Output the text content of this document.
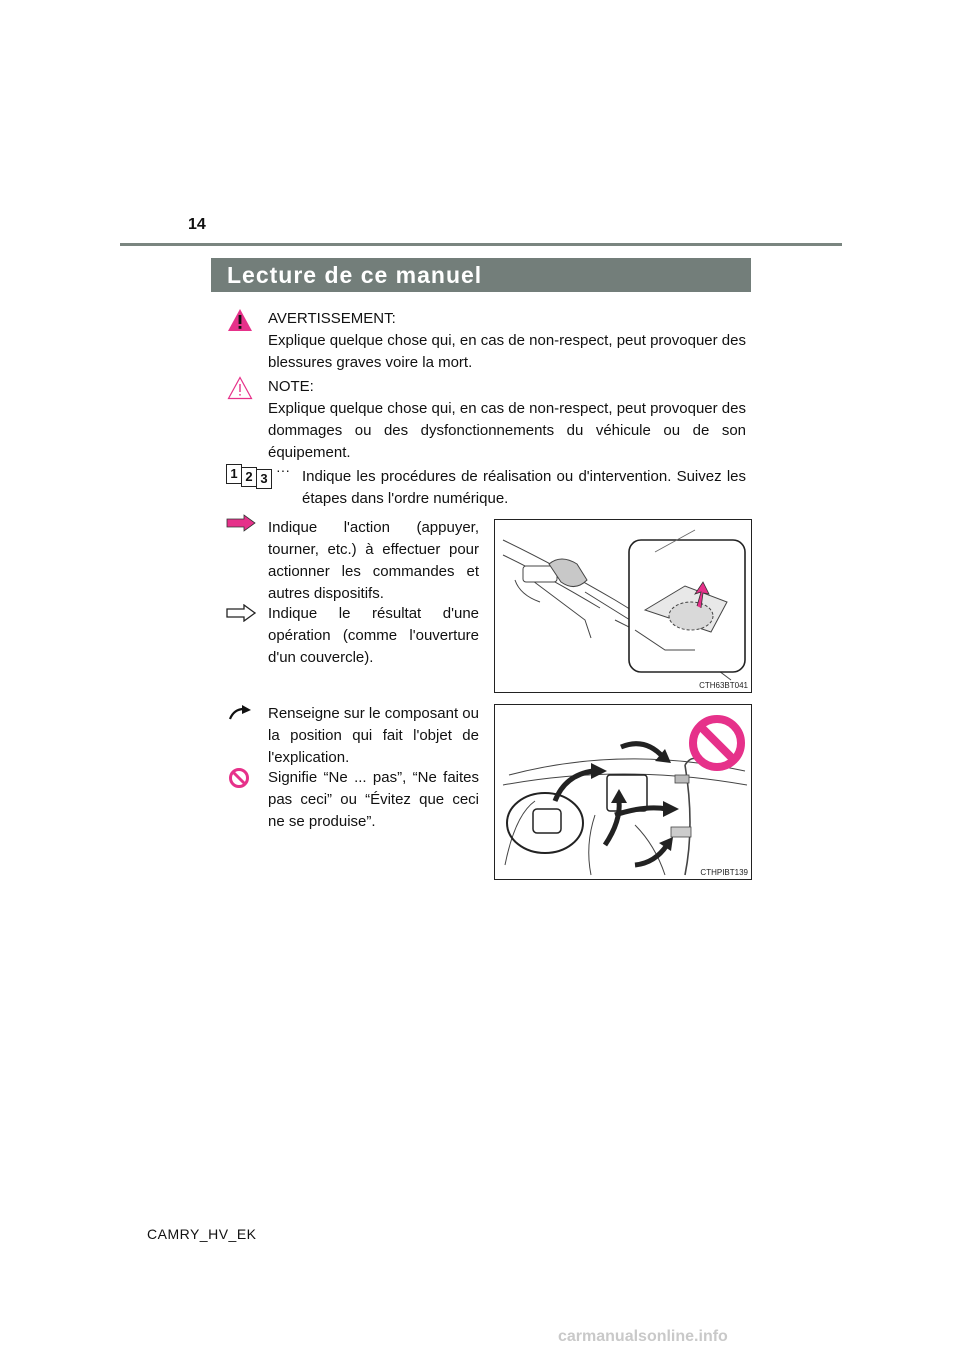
14
Lecture de ce manuel
AVERTISSEMENT:
Explique quelque chose qui, en cas de non-respect, peut provoquer des blessures graves voire la mort.
NOTE:
Explique quelque chose qui, en cas de non-respect, peut provoquer des dommages ou des dysfonctionnements du véhicule ou de son équipement.
1 2 3
··· Indique les procédures de réalisation ou d'intervention. Suivez les étapes dans l'ordre numérique.
Indique l'action (appuyer, tourner, etc.) à effectuer pour actionner les commandes et autres dispositifs.
Indique le résultat d'une opération (comme l'ouverture d'un couvercle).
CTH63BT041
Renseigne sur le composant ou la position qui fait l'objet de l'explication.
Signifie “Ne ... pas”, “Ne faites pas ceci” ou “Évitez que ceci ne se produise”.
CTHPIBT139
CAMRY_HV_EK
carmanualsonline.info
